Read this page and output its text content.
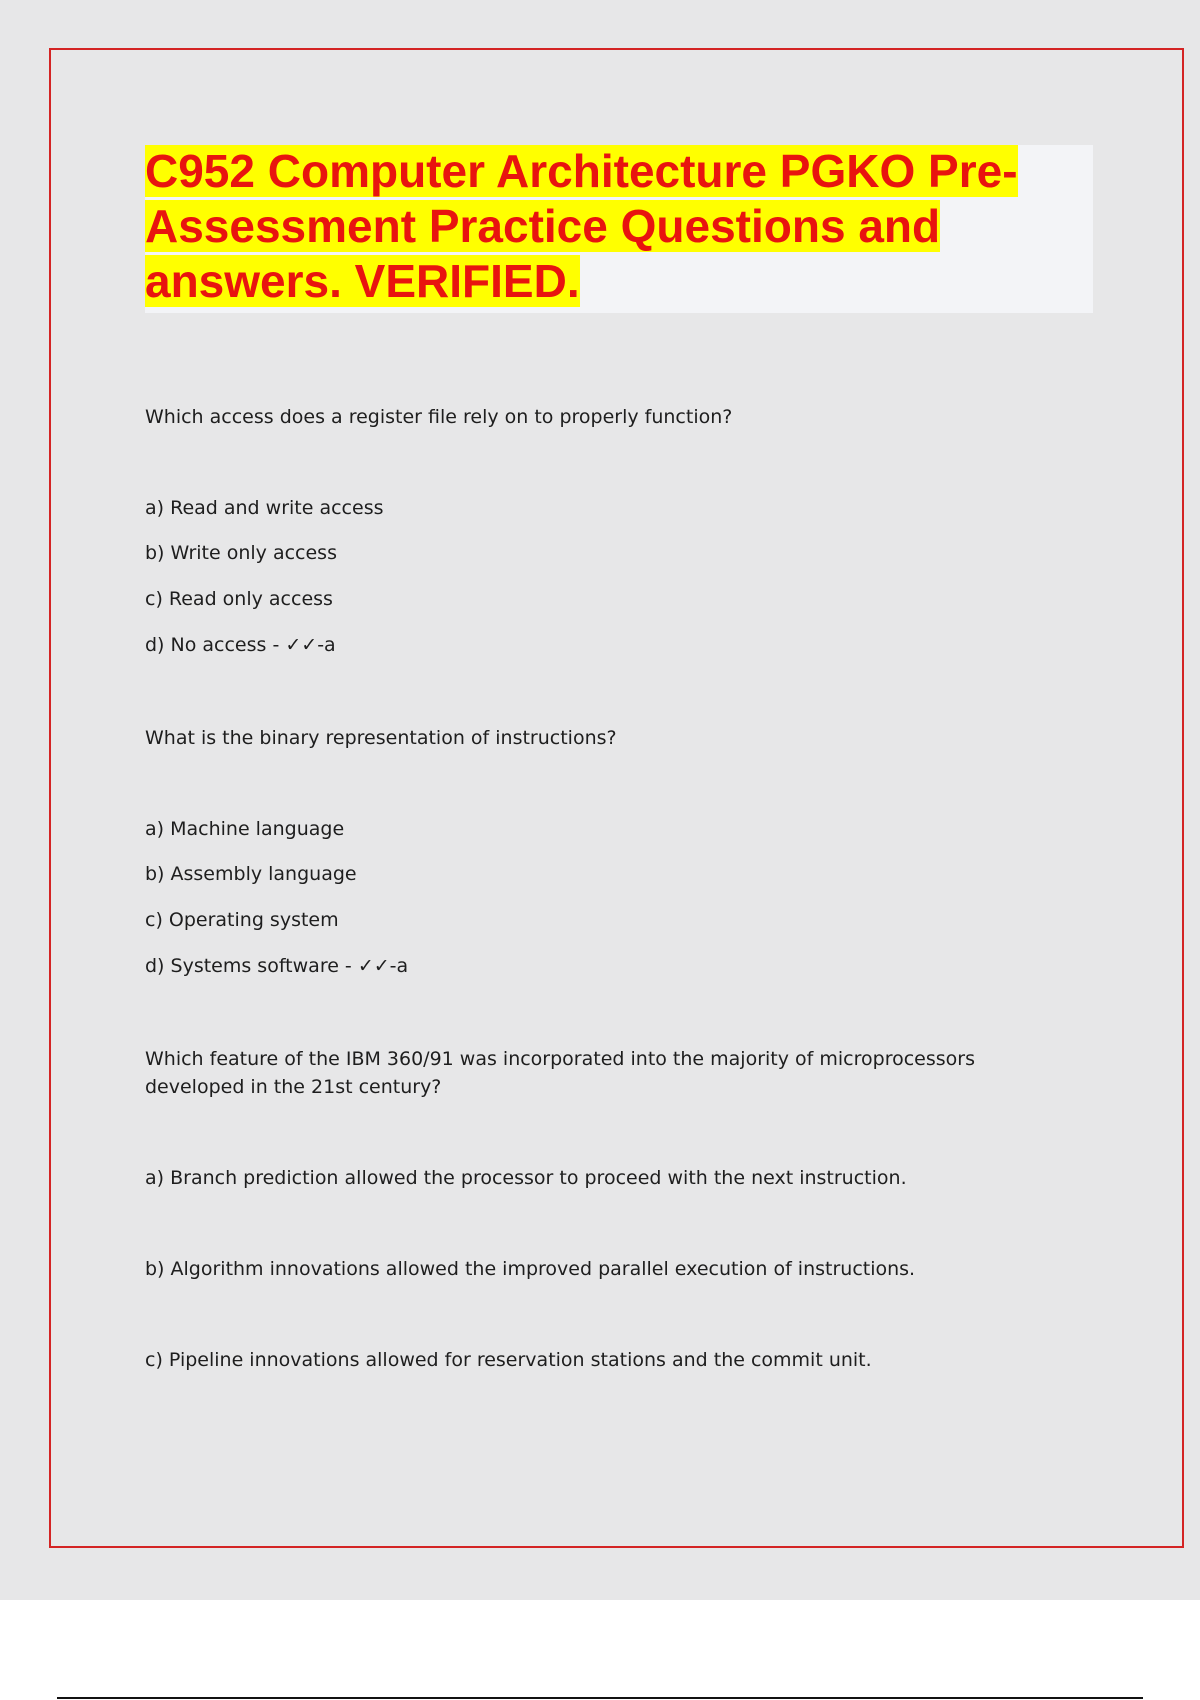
C952 Computer Architecture PGKO Pre-
Assessment Practice Questions and
answers. VERIFIED.

Which access does a register file rely on to properly function?

a) Read and write access

b) Write only access

c) Read only access

d) No access - ✓✓-a

What is the binary representation of instructions?

a) Machine language

b) Assembly language

c) Operating system

d) Systems software - ✓✓-a

Which feature of the IBM 360/91 was incorporated into the majority of microprocessors developed in the 21st century?

a) Branch prediction allowed the processor to proceed with the next instruction.

b) Algorithm innovations allowed the improved parallel execution of instructions.

c) Pipeline innovations allowed for reservation stations and the commit unit.
